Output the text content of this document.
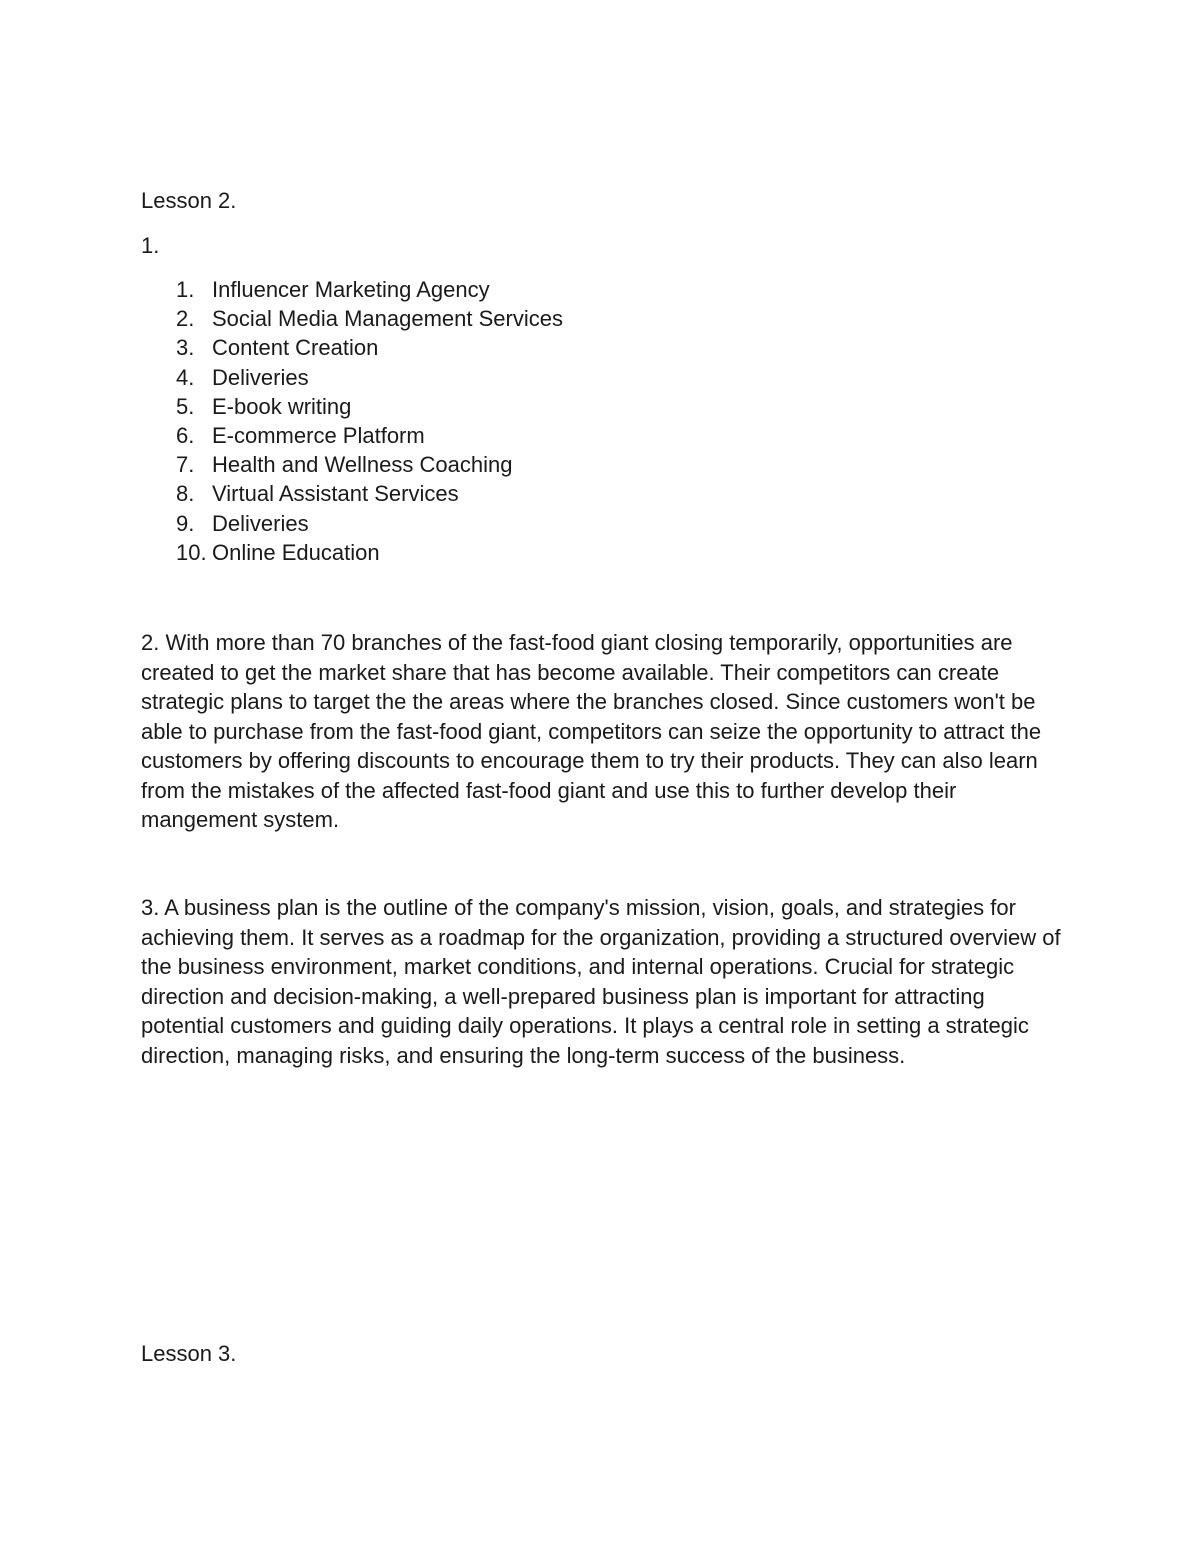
Lesson 2.
1.
1. Influencer Marketing Agency
2. Social Media Management Services
3. Content Creation
4. Deliveries
5. E-book writing
6. E-commerce Platform
7. Health and Wellness Coaching
8. Virtual Assistant Services
9. Deliveries
10. Online Education

2. With more than 70 branches of the fast-food giant closing temporarily, opportunities are created to get the market share that has become available. Their competitors can create strategic plans to target the the areas where the branches closed. Since customers won't be able to purchase from the fast-food giant, competitors can seize the opportunity to attract the customers by offering discounts to encourage them to try their products. They can also learn from the mistakes of the affected fast-food giant and use this to further develop their mangement system.

3. A business plan is the outline of the company's mission, vision, goals, and strategies for achieving them. It serves as a roadmap for the organization, providing a structured overview of the business environment, market conditions, and internal operations. Crucial for strategic direction and decision-making, a well-prepared business plan is important for attracting potential customers and guiding daily operations. It plays a central role in setting a strategic direction, managing risks, and ensuring the long-term success of the business.

Lesson 3.
